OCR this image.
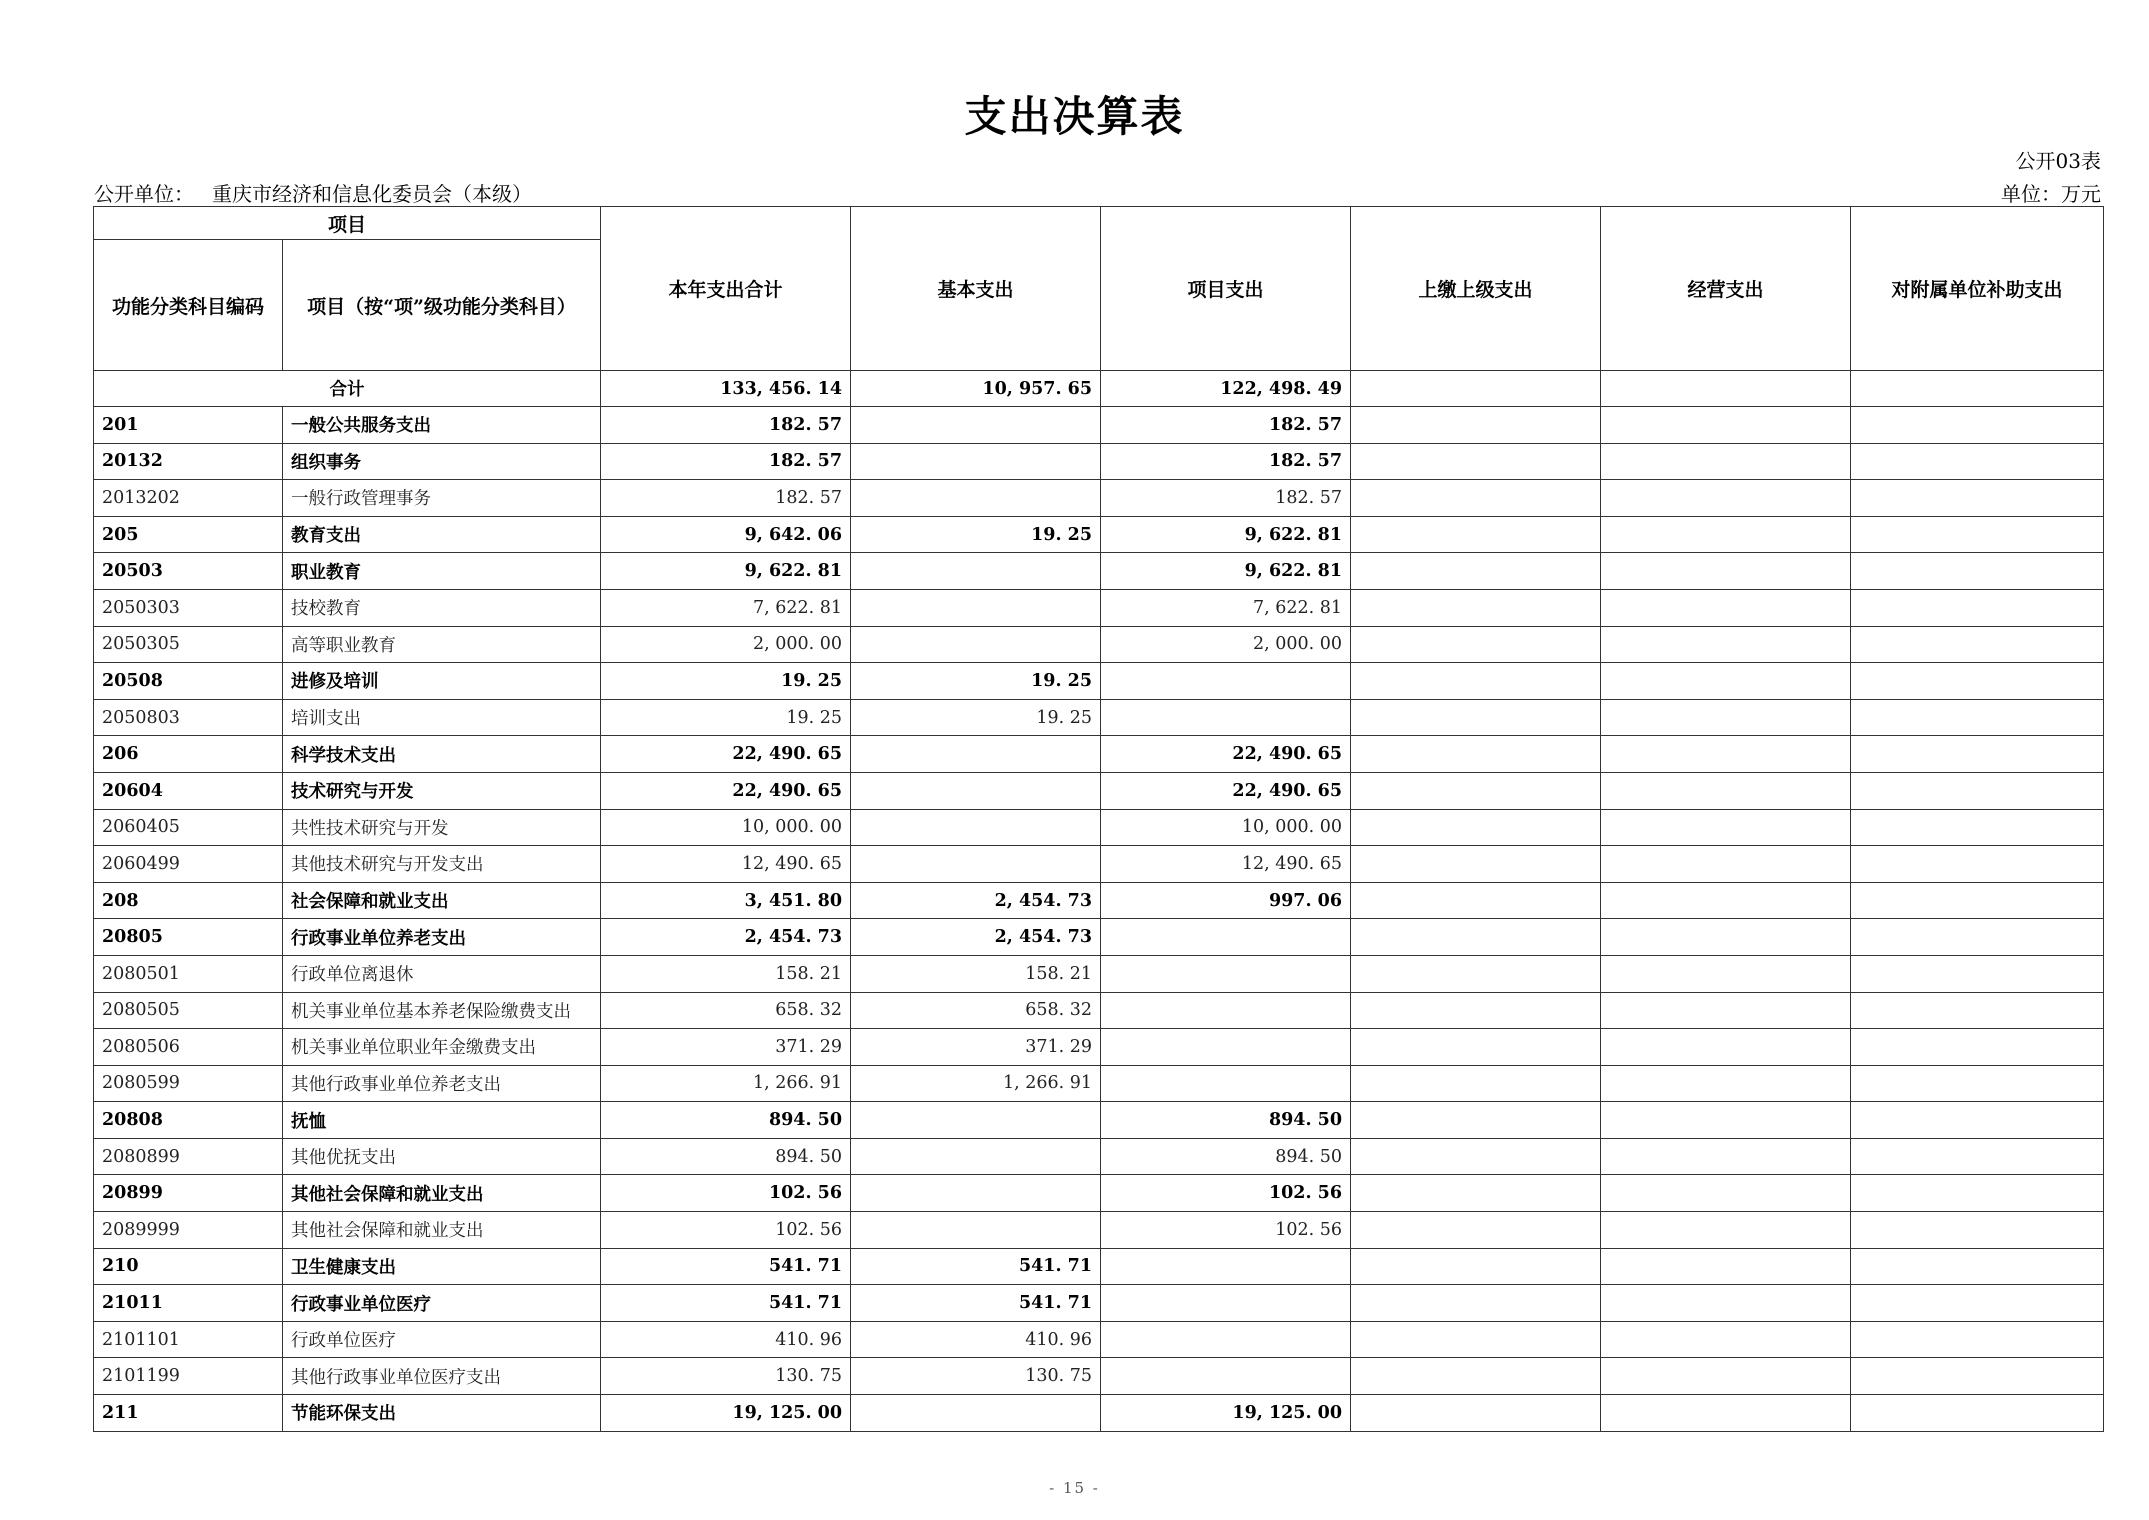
支出决算表
公开03表
公开单位： 重庆市经济和信息化委员会（本级）	单位：万元
项目		本年支出合计	基本支出	项目支出	上缴上级支出	经营支出	对附属单位补助支出
功能分类科目编码	项目（按“项”级功能分类科目）						
合计		133, 456. 14	10, 957. 65	122, 498. 49			
201	一般公共服务支出	182. 57		182. 57			
20132	组织事务	182. 57		182. 57			
2013202	一般行政管理事务	182. 57		182. 57			
205	教育支出	9, 642. 06	19. 25	9, 622. 81			
20503	职业教育	9, 622. 81		9, 622. 81			
2050303	技校教育	7, 622. 81		7, 622. 81			
2050305	高等职业教育	2, 000. 00		2, 000. 00			
20508	进修及培训	19. 25	19. 25				
2050803	培训支出	19. 25	19. 25				
206	科学技术支出	22, 490. 65		22, 490. 65			
20604	技术研究与开发	22, 490. 65		22, 490. 65			
2060405	共性技术研究与开发	10, 000. 00		10, 000. 00			
2060499	其他技术研究与开发支出	12, 490. 65		12, 490. 65			
208	社会保障和就业支出	3, 451. 80	2, 454. 73	997. 06			
20805	行政事业单位养老支出	2, 454. 73	2, 454. 73				
2080501	行政单位离退休	158. 21	158. 21				
2080505	机关事业单位基本养老保险缴费支出	658. 32	658. 32				
2080506	机关事业单位职业年金缴费支出	371. 29	371. 29				
2080599	其他行政事业单位养老支出	1, 266. 91	1, 266. 91				
20808	抚恤	894. 50		894. 50			
2080899	其他优抚支出	894. 50		894. 50			
20899	其他社会保障和就业支出	102. 56		102. 56			
2089999	其他社会保障和就业支出	102. 56		102. 56			
210	卫生健康支出	541. 71	541. 71				
21011	行政事业单位医疗	541. 71	541. 71				
2101101	行政单位医疗	410. 96	410. 96				
2101199	其他行政事业单位医疗支出	130. 75	130. 75				
211	节能环保支出	19, 125. 00		19, 125. 00			
- 15 -
